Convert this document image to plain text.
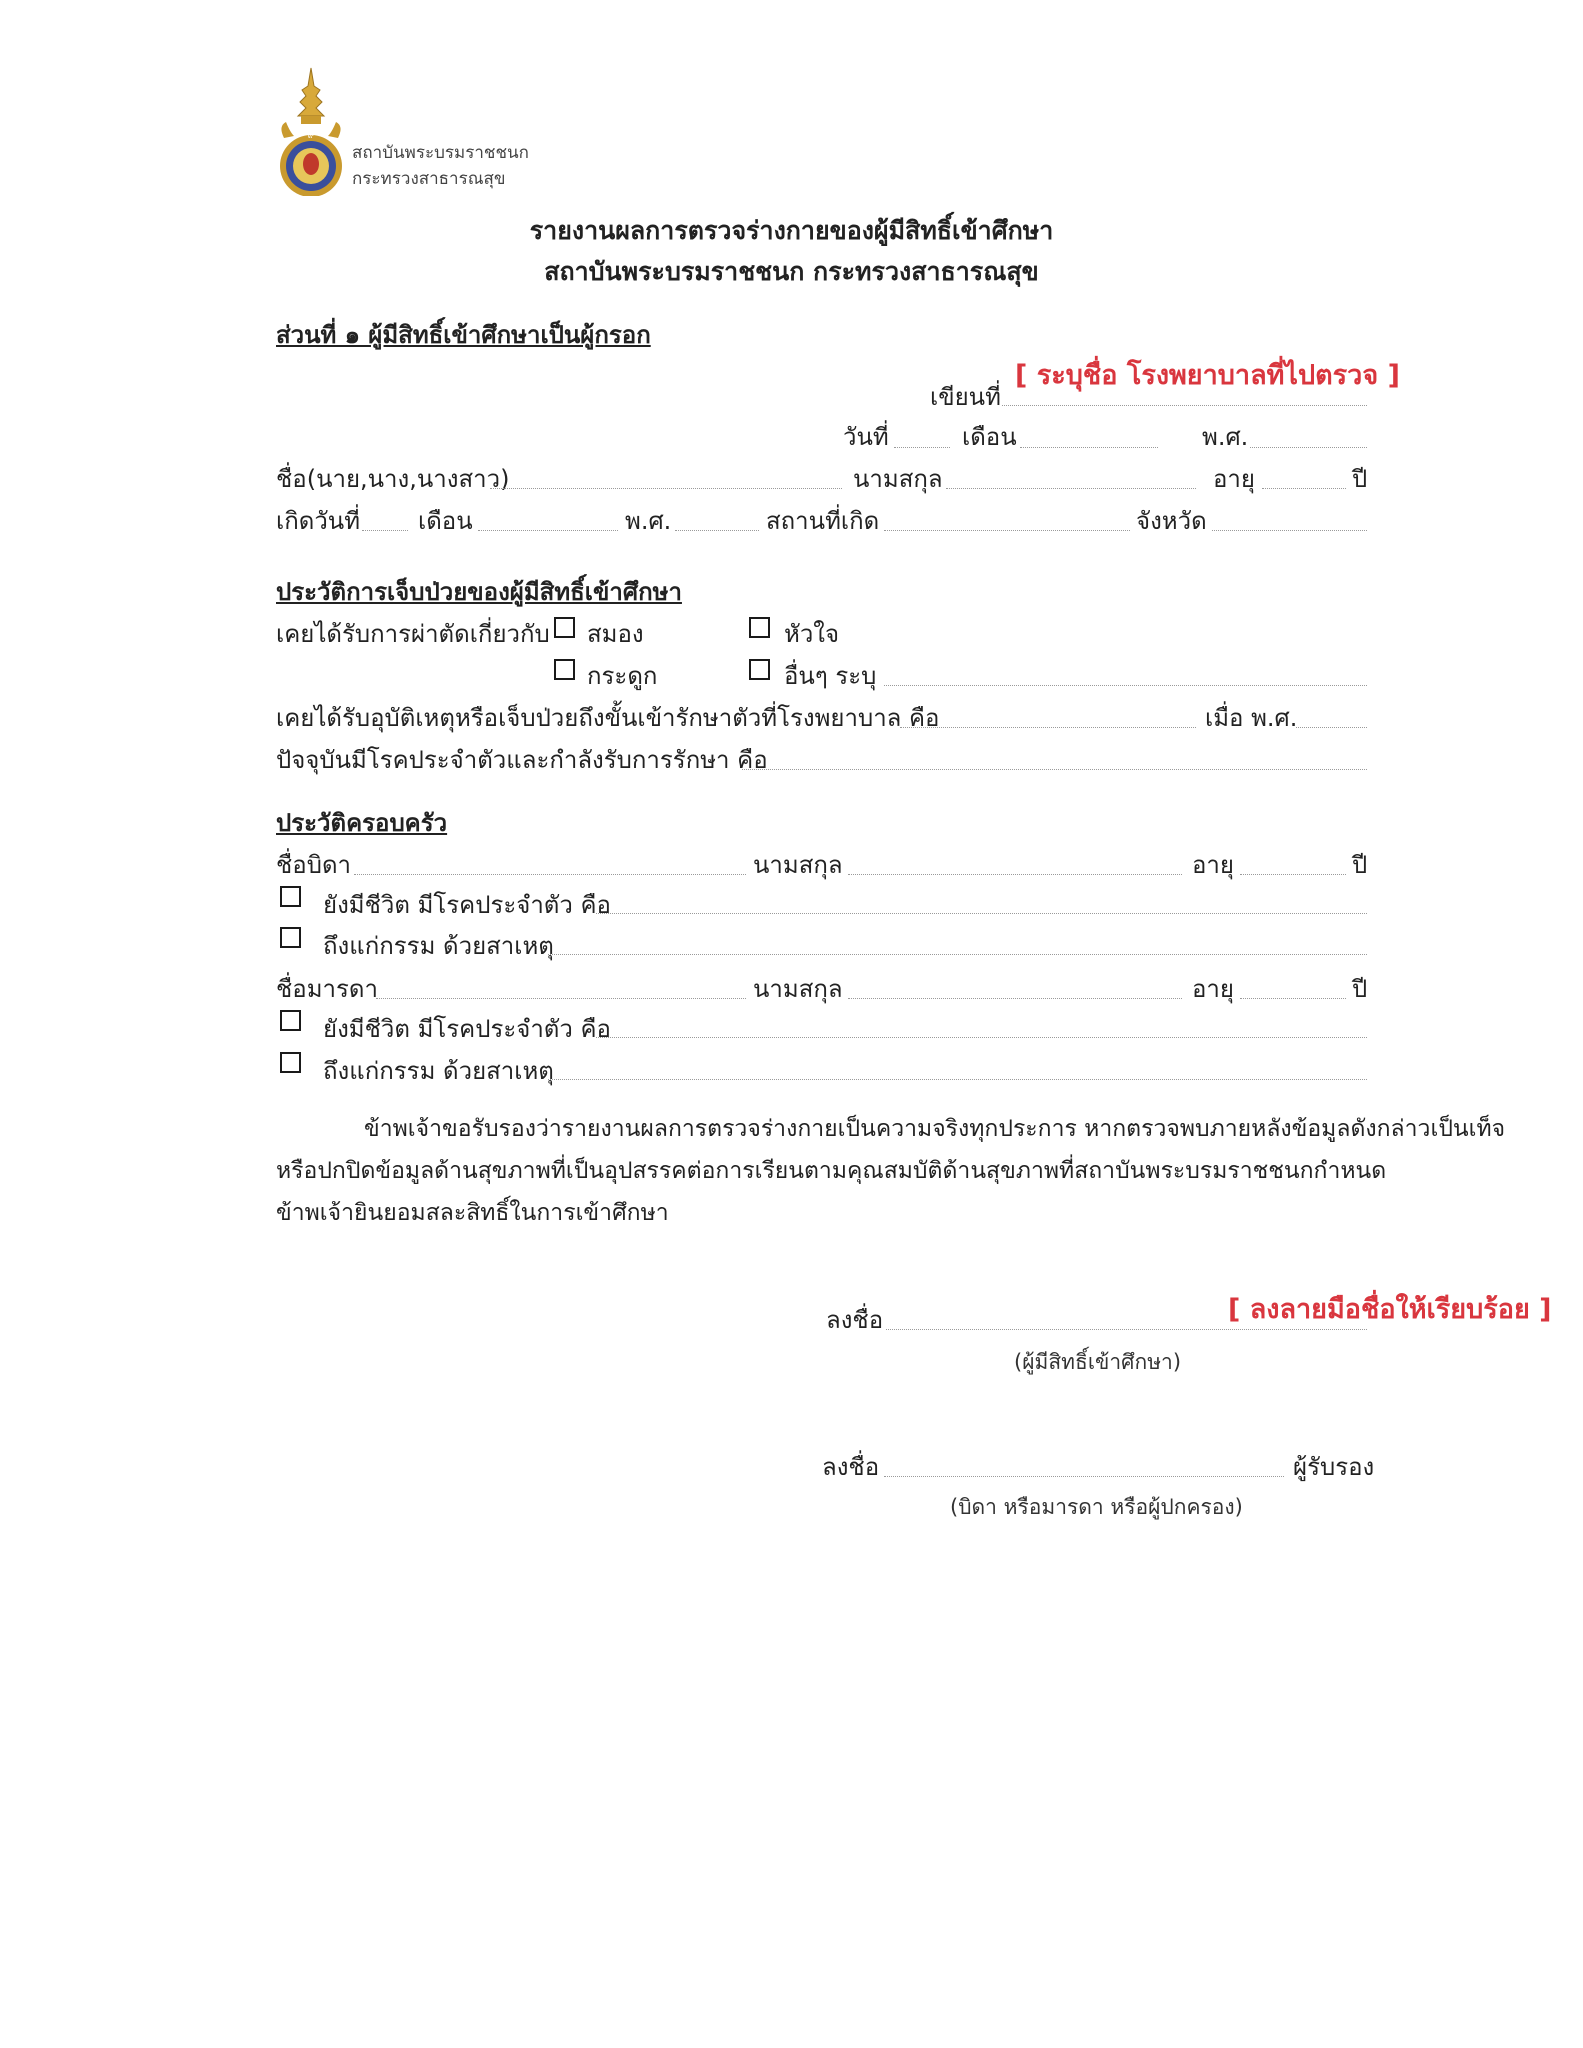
๙
สถาบันพระบรมราชชนก
กระทรวงสาธารณสุข
รายงานผลการตรวจร่างกายของผู้มีสิทธิ์เข้าศึกษา
สถาบันพระบรมราชชนก กระทรวงสาธารณสุข
ส่วนที่ ๑ ผู้มีสิทธิ์เข้าศึกษาเป็นผู้กรอก
[ ระบุชื่อ โรงพยาบาลที่ไปตรวจ ]
เขียนที่
วันที่	เดือน	พ.ศ.
ชื่อ(นาย,นาง,นางสาว)	นามสกุล	อายุ	ปี
เกิดวันที่ เดือน	พ.ศ.	สถานที่เกิด	จังหวัด
ประวัติการเจ็บป่วยของผู้มีสิทธิ์เข้าศึกษา
เคยได้รับการผ่าตัดเกี่ยวกับ สมอง	หัวใจ
กระดูก	อื่นๆ ระบุ
เคยได้รับอุบัติเหตุหรือเจ็บป่วยถึงขั้นเข้ารักษาตัวที่โรงพยาบาล คือ	เมื่อ พ.ศ.
ปัจจุบันมีโรคประจำตัวและกำลังรับการรักษา คือ
ประวัติครอบครัว
ชื่อบิดา	นามสกุล	อายุ	ปี
ยังมีชีวิต มีโรคประจำตัว คือ
ถึงแก่กรรม ด้วยสาเหตุ
ชื่อมารดา	นามสกุล	อายุ	ปี
ยังมีชีวิต มีโรคประจำตัว คือ
ถึงแก่กรรม ด้วยสาเหตุ
ข้าพเจ้าขอรับรองว่ารายงานผลการตรวจร่างกายเป็นความจริงทุกประการ หากตรวจพบภายหลังข้อมูลดังกล่าวเป็นเท็จ
หรือปกปิดข้อมูลด้านสุขภาพที่เป็นอุปสรรคต่อการเรียนตามคุณสมบัติด้านสุขภาพที่สถาบันพระบรมราชชนกกำหนด
ข้าพเจ้ายินยอมสละสิทธิ์ในการเข้าศึกษา
ลงชื่อ	[ ลงลายมือชื่อให้เรียบร้อย ]
(ผู้มีสิทธิ์เข้าศึกษา)
ลงชื่อ	ผู้รับรอง
(บิดา หรือมารดา หรือผู้ปกครอง)
